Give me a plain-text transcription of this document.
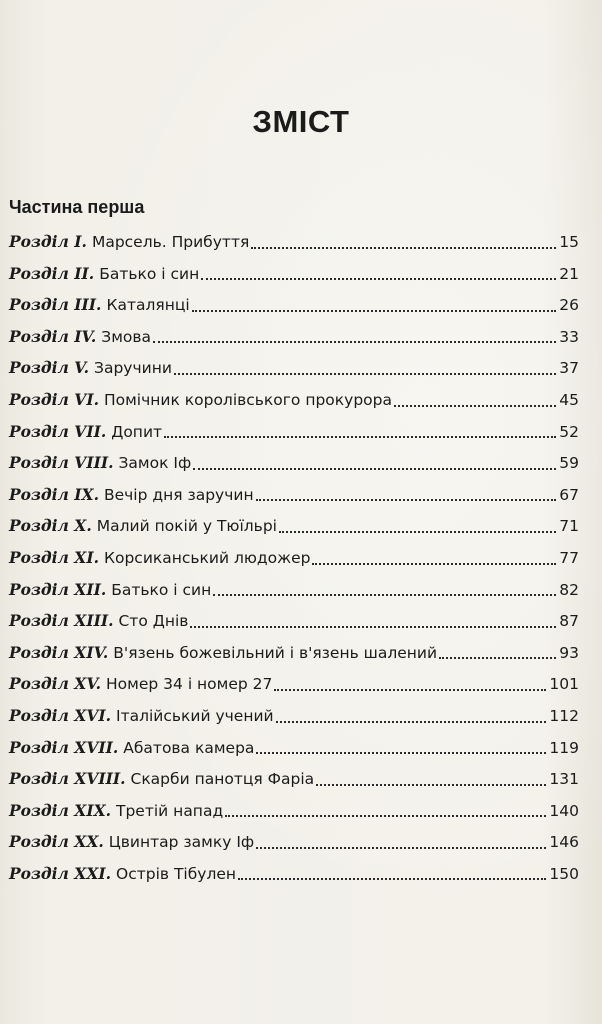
ЗМІСТ
Частина перша
Розділ I. Марсель. Прибуття	15
Розділ II. Батько і син	21
Розділ III. Каталянці	26
Розділ IV. Змова	33
Розділ V. Заручини	37
Розділ VI. Помічник королівського прокурора	45
Розділ VII. Допит	52
Розділ VIII. Замок Іф	59
Розділ IX. Вечір дня заручин	67
Розділ X. Малий покій у Тюїльрі	71
Розділ XI. Корсиканський людожер	77
Розділ XII. Батько і син	82
Розділ XIII. Сто Днів	87
Розділ XIV. В'язень божевільний і в'язень шалений	93
Розділ XV. Номер 34 і номер 27	101
Розділ XVI. Італійський учений	112
Розділ XVII. Абатова камера	119
Розділ XVIII. Скарби панотця Фаріа	131
Розділ XIX. Третій напад	140
Розділ XX. Цвинтар замку Іф	146
Розділ XXI. Острів Тібулен	150
